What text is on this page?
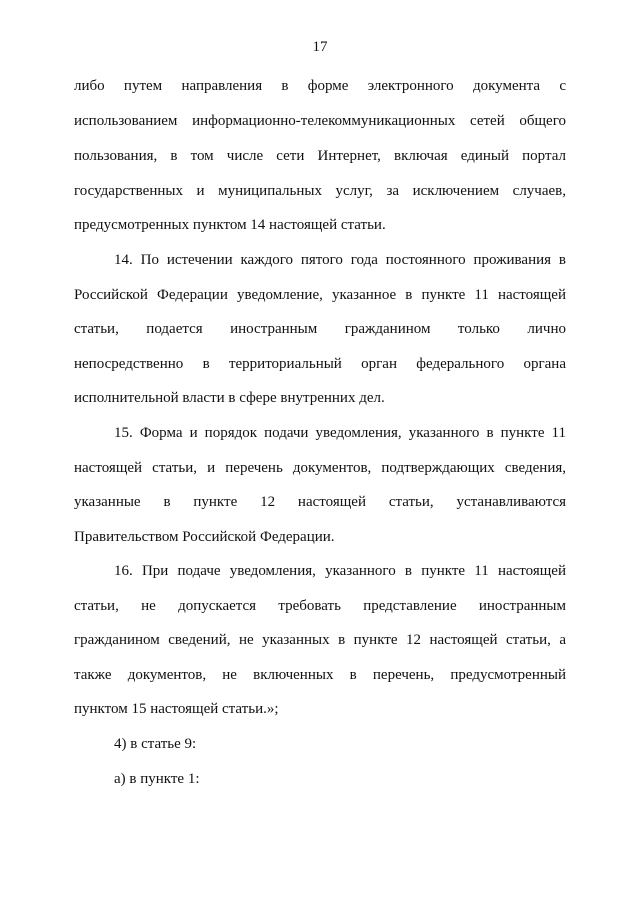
17
либо путем направления в форме электронного документа с
использованием информационно-телекоммуникационных сетей общего
пользования, в том числе сети Интернет, включая единый портал
государственных и муниципальных услуг, за исключением случаев,
предусмотренных пунктом 14 настоящей статьи.
14. По истечении каждого пятого года постоянного проживания в
Российской Федерации уведомление, указанное в пункте 11 настоящей
статьи, подается иностранным гражданином только лично
непосредственно в территориальный орган федерального органа
исполнительной власти в сфере внутренних дел.
15. Форма и порядок подачи уведомления, указанного в пункте 11
настоящей статьи, и перечень документов, подтверждающих сведения,
указанные в пункте 12 настоящей статьи, устанавливаются
Правительством Российской Федерации.
16. При подаче уведомления, указанного в пункте 11 настоящей
статьи, не допускается требовать представление иностранным
гражданином сведений, не указанных в пункте 12 настоящей статьи, а
также документов, не включенных в перечень, предусмотренный
пунктом 15 настоящей статьи.»;
4) в статье 9:
а) в пункте 1:
